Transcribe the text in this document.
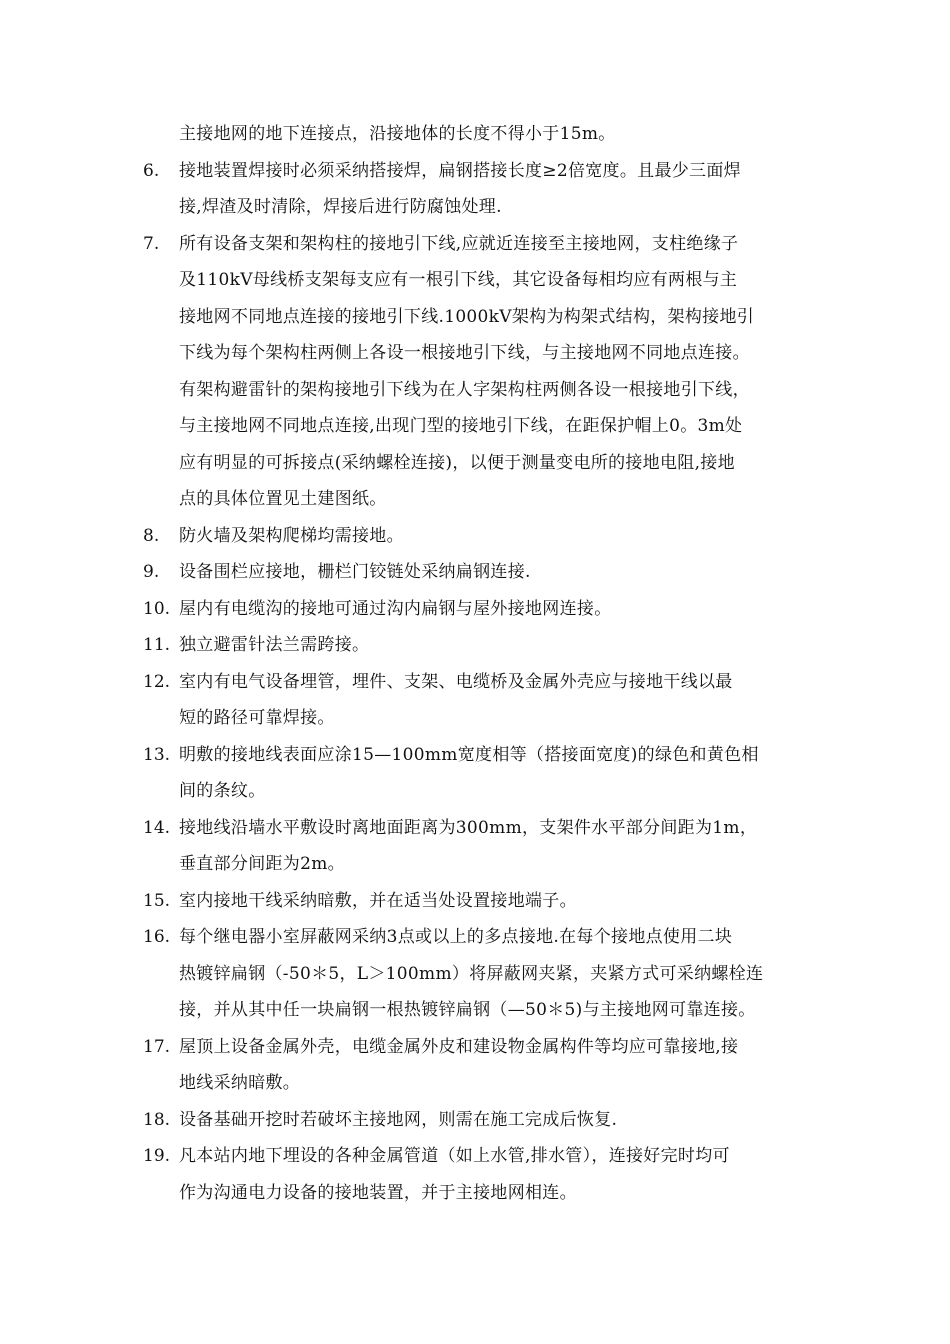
主接地网的地下连接点，沿接地体的长度不得小于15m。
6.	接地装置焊接时必须采纳搭接焊，扁钢搭接长度≥2倍宽度。且最少三面焊
接,焊渣及时清除，焊接后进行防腐蚀处理.
7.	所有设备支架和架构柱的接地引下线,应就近连接至主接地网，支柱绝缘子
及110kV母线桥支架每支应有一根引下线，其它设备每相均应有两根与主
接地网不同地点连接的接地引下线.1000kV架构为构架式结构，架构接地引
下线为每个架构柱两侧上各设一根接地引下线，与主接地网不同地点连接。
有架构避雷针的架构接地引下线为在人字架构柱两侧各设一根接地引下线，
与主接地网不同地点连接,出现门型的接地引下线，在距保护帽上0。3m处
应有明显的可拆接点(采纳螺栓连接)，以便于测量变电所的接地电阻,接地
点的具体位置见土建图纸。
8.	防火墙及架构爬梯均需接地。
9.	设备围栏应接地，栅栏门铰链处采纳扁钢连接.
10. 屋内有电缆沟的接地可通过沟内扁钢与屋外接地网连接。
11. 独立避雷针法兰需跨接。
12. 室内有电气设备埋管，埋件、支架、电缆桥及金属外壳应与接地干线以最
短的路径可靠焊接。
13. 明敷的接地线表面应涂15—100mm宽度相等（搭接面宽度)的绿色和黄色相
间的条纹。
14. 接地线沿墙水平敷设时离地面距离为300mm，支架件水平部分间距为1m，
垂直部分间距为2m。
15. 室内接地干线采纳暗敷，并在适当处设置接地端子。
16. 每个继电器小室屏蔽网采纳3点或以上的多点接地.在每个接地点使用二块
热镀锌扁钢（-50＊5，L＞100mm）将屏蔽网夹紧，夹紧方式可采纳螺栓连
接，并从其中任一块扁钢一根热镀锌扁钢（—50＊5)与主接地网可靠连接。
17. 屋顶上设备金属外壳，电缆金属外皮和建设物金属构件等均应可靠接地,接
地线采纳暗敷。
18. 设备基础开挖时若破坏主接地网，则需在施工完成后恢复.
19. 凡本站内地下埋设的各种金属管道（如上水管,排水管），连接好完时均可
作为沟通电力设备的接地装置，并于主接地网相连。
